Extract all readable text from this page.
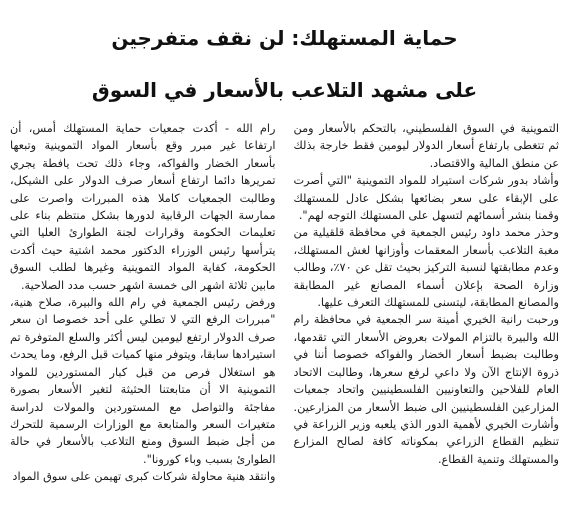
حماية المستهلك: لن نقف متفرجين
على مشهد التلاعب بالأسعار في السوق

رام الله - أكدت جمعيات حماية المستهلك أمس، أن ارتفاعا غير مبرر وقع بأسعار المواد التموينية وتبعها بأسعار الخضار والفواكه، وجاء ذلك تحت يافطة يجري تمريرها دائما ارتفاع أسعار صرف الدولار على الشيكل، وطالبت الجمعيات كاملا هذه المبررات واصرت على ممارسة الجهات الرقابية لدورها بشكل منتظم بناء على تعليمات الحكومة وقرارات لجنة الطوارئ العليا التي يترأسها رئيس الوزراء الدكتور محمد اشتية حيث أكدت الحكومة، كفاية المواد التموينية وغيرها لطلب السوق مابين ثلاثة اشهر الى خمسة اشهر حسب مدد الصلاحية.

ورفض رئيس الجمعية في رام الله والبيرة، صلاح هنية، "مبررات الرفع التي لا تطلي على أحد خصوصا ان سعر صرف الدولار ارتفع ليومين ليس أكثر والسلع المتوفرة تم استيرادها سابقا، ويتوفر منها كميات قبل الرفع، وما يحدث هو استغلال فرص من قبل كبار المستوردين للمواد التموينية الا أن متابعتنا الحثيثة لتغير الأسعار بصورة مفاجئة والتواصل مع المستوردين والمولات لدراسة متغيرات السعر والمتابعة مع الوزارات الرسمية للتحرك من أجل ضبط السوق ومنع التلاعب بالأسعار في حالة الطوارئ بسبب وباء كورونا".

وانتقد هنية محاولة شركات كبرى تهيمن على سوق المواد

التموينية في السوق الفلسطيني، بالتحكم بالأسعار ومن ثم تتغطى بارتفاع أسعار الدولار ليومين فقط خارجة بذلك عن منطق المالية والاقتصاد.

وأشاد بدور شركات استيراد للمواد التموينية "التي أصرت على الإبقاء على سعر بضائعها بشكل عادل للمستهلك وقمنا بنشر أسمائهم لتسهل على المستهلك التوجه لهم".

وحذر محمد داود رئيس الجمعية في محافظة قلقيلية من مغبة التلاعب بأسعار المعقمات وأوزانها لغش المستهلك، وعدم مطابقتها لنسبة التركيز بحيث تقل عن ٧٠٪، وطالب وزارة الصحة بإعلان أسماء المصانع غير المطابقة والمصانع المطابقة، ليتسنى للمستهلك التعرف عليها.

ورحبت رانية الخيري أمينة سر الجمعية في محافظة رام الله والبيرة بالتزام المولات بعروض الأسعار التي تقدمها، وطالبت بضبط أسعار الخضار والفواكه خصوصا أننا في ذروة الإنتاج الآن ولا داعي لرفع سعرها، وطالبت الاتحاد العام للفلاحين والتعاونيين الفلسطينيين واتحاد جمعيات المزارعين الفلسطينيين الى ضبط الأسعار من المزارعين. وأشارت الخيري لأهمية الدور الذي يلعبه وزير الزراعة في تنظيم القطاع الزراعي بمكوناته كافة لصالح المزارع والمستهلك وتنمية القطاع.
